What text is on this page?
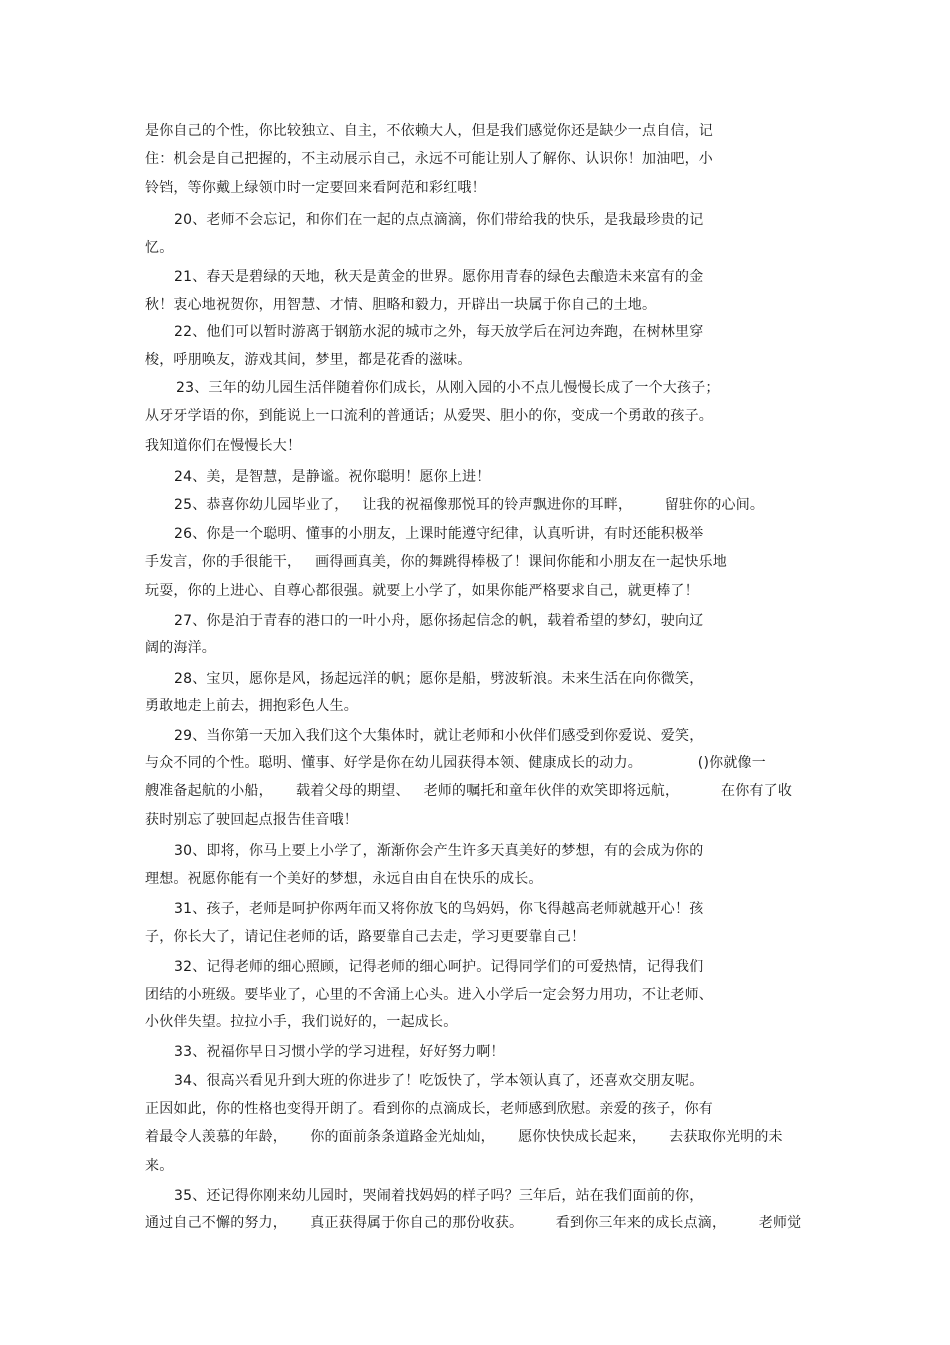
是你自己的个性，你比较独立、自主，不依赖大人，但是我们感觉你还是缺少一点自信，记
住：机会是自己把握的，不主动展示自己，永远不可能让别人了解你、认识你！加油吧，小
铃铛，等你戴上绿领巾时一定要回来看阿范和彩红哦！
20、老师不会忘记，和你们在一起的点点滴滴，你们带给我的快乐，是我最珍贵的记
忆。
21、春天是碧绿的天地，秋天是黄金的世界。愿你用青春的绿色去酿造未来富有的金
秋！衷心地祝贺你，用智慧、才情、胆略和毅力，开辟出一块属于你自己的土地。
22、他们可以暂时游离于钢筋水泥的城市之外，每天放学后在河边奔跑，在树林里穿
梭，呼朋唤友，游戏其间，梦里，都是花香的滋味。
23、三年的幼儿园生活伴随着你们成长，从刚入园的小不点儿慢慢长成了一个大孩子；
从牙牙学语的你，到能说上一口流利的普通话；从爱哭、胆小的你，变成一个勇敢的孩子。
我知道你们在慢慢长大！
24、美，是智慧，是静谧。祝你聪明！愿你上进！
25、恭喜你幼儿园毕业了，   让我的祝福像那悦耳的铃声飘进你的耳畔，       留驻你的心间。
26、你是一个聪明、懂事的小朋友，上课时能遵守纪律，认真听讲，有时还能积极举
手发言，你的手很能干，   画得画真美，你的舞跳得棒极了！课间你能和小朋友在一起快乐地
玩耍，你的上进心、自尊心都很强。就要上小学了，如果你能严格要求自己，就更棒了！
27、你是泊于青春的港口的一叶小舟，愿你扬起信念的帆，载着希望的梦幻，驶向辽
阔的海洋。
28、宝贝，愿你是风，扬起远洋的帆；愿你是船，劈波斩浪。未来生活在向你微笑，
勇敢地走上前去，拥抱彩色人生。
29、当你第一天加入我们这个大集体时，就让老师和小伙伴们感受到你爱说、爱笑，
与众不同的个性。聪明、懂事、好学是你在幼儿园获得本领、健康成长的动力。            ()你就像一
艘准备起航的小船，     载着父母的期望、   老师的嘱托和童年伙伴的欢笑即将远航，         在你有了收
获时别忘了驶回起点报告佳音哦！
30、即将，你马上要上小学了，渐渐你会产生许多天真美好的梦想，有的会成为你的
理想。祝愿你能有一个美好的梦想，永远自由自在快乐的成长。
31、孩子，老师是呵护你两年而又将你放飞的鸟妈妈，你飞得越高老师就越开心！孩
子，你长大了，请记住老师的话，路要靠自己去走，学习更要靠自己！
32、记得老师的细心照顾，记得老师的细心呵护。记得同学们的可爱热情，记得我们
团结的小班级。要毕业了，心里的不舍涌上心头。进入小学后一定会努力用功，不让老师、
小伙伴失望。拉拉小手，我们说好的，一起成长。
33、祝福你早日习惯小学的学习进程，好好努力啊！
34、很高兴看见升到大班的你进步了！吃饭快了，学本领认真了，还喜欢交朋友呢。
正因如此，你的性格也变得开朗了。看到你的点滴成长，老师感到欣慰。亲爱的孩子，你有
着最令人羡慕的年龄，     你的面前条条道路金光灿灿，     愿你快快成长起来，     去获取你光明的未
来。
35、还记得你刚来幼儿园时，哭闹着找妈妈的样子吗？三年后，站在我们面前的你，
通过自己不懈的努力，     真正获得属于你自己的那份收获。       看到你三年来的成长点滴，       老师觉
